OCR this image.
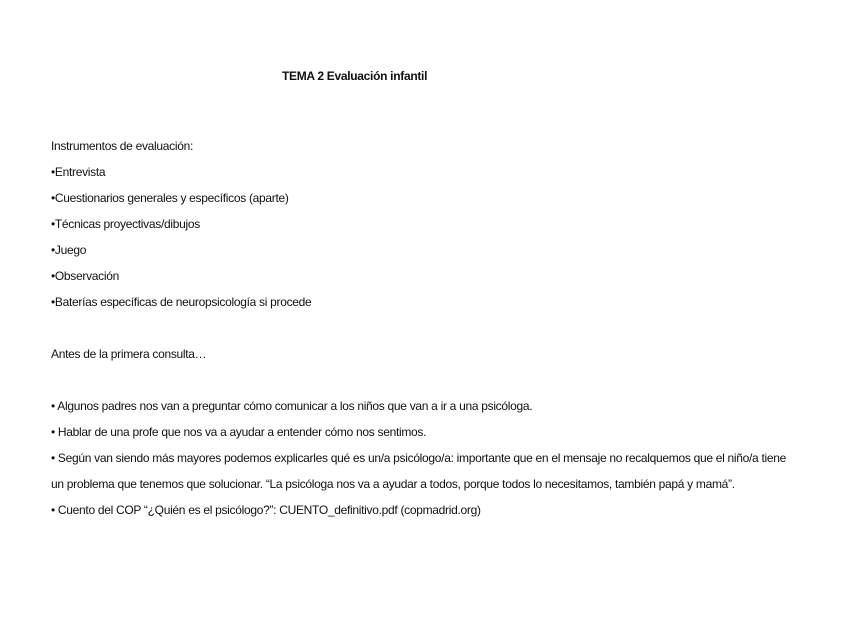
TEMA 2 Evaluación infantil
Instrumentos de evaluación:
•Entrevista
•Cuestionarios generales y específicos (aparte)
•Técnicas proyectivas/dibujos
•Juego
•Observación
•Baterías específicas de neuropsicología si procede
Antes de la primera consulta…
• Algunos padres nos van a preguntar cómo comunicar a los niños que van a ir a una psicóloga.
• Hablar de una profe que nos va a ayudar a entender cómo nos sentimos.
• Según van siendo más mayores podemos explicarles qué es un/a psicólogo/a: importante que en el mensaje no recalquemos que el niño/a tiene un problema que tenemos que solucionar. “La psicóloga nos va a ayudar a todos, porque todos lo necesitamos, también papá y mamá”.
• Cuento del COP “¿Quién es el psicólogo?”: CUENTO_definitivo.pdf (copmadrid.org)
